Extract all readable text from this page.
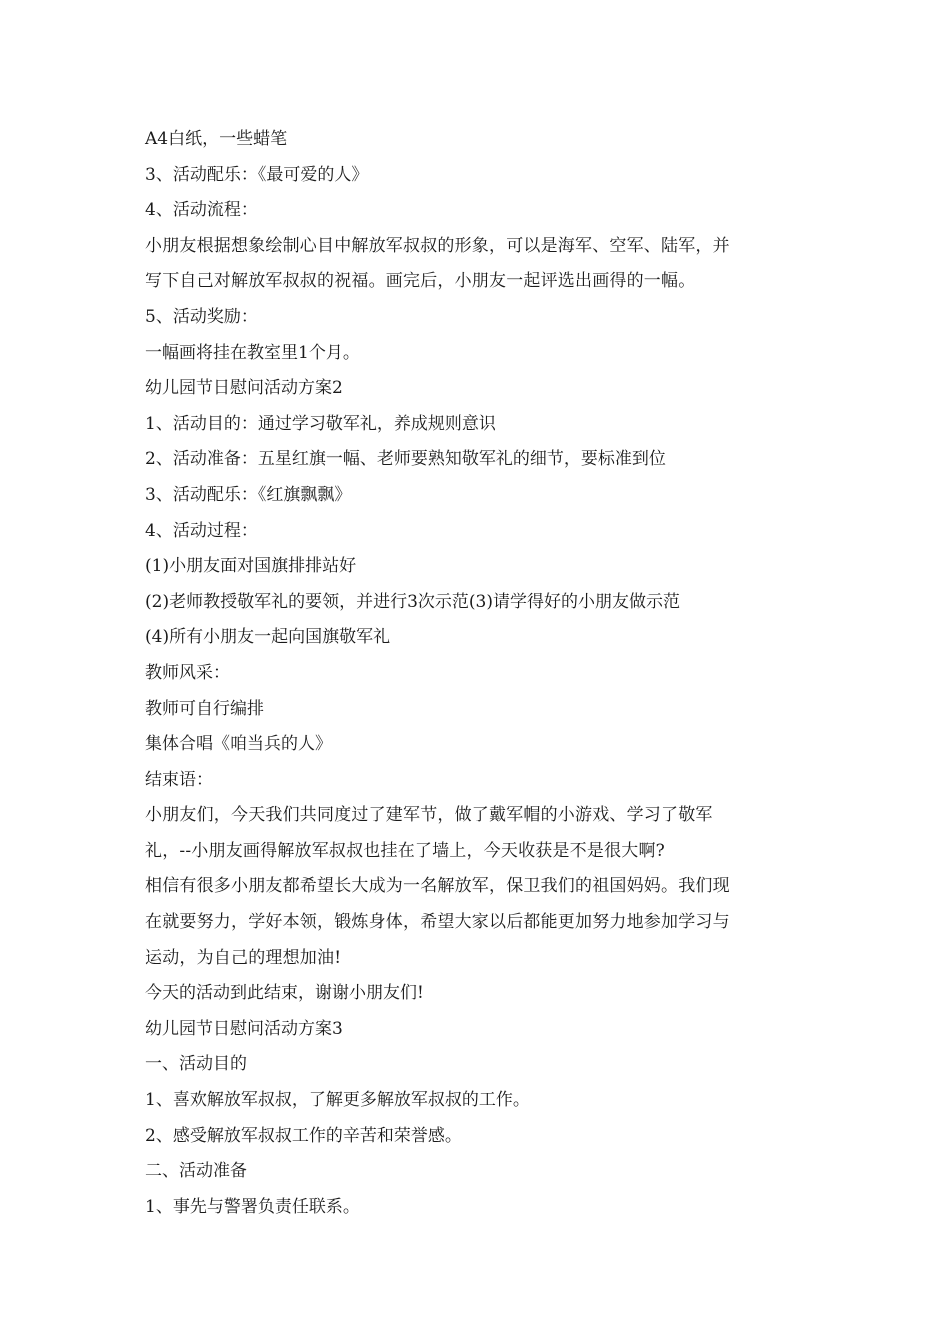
A4白纸，一些蜡笔

3、活动配乐：《最可爱的人》

4、活动流程：

小朋友根据想象绘制心目中解放军叔叔的形象，可以是海军、空军、陆军，并
写下自己对解放军叔叔的祝福。画完后，小朋友一起评选出画得的一幅。

5、活动奖励：

一幅画将挂在教室里1个月。

幼儿园节日慰问活动方案2

1、活动目的：通过学习敬军礼，养成规则意识

2、活动准备：五星红旗一幅、老师要熟知敬军礼的细节，要标准到位

3、活动配乐：《红旗飘飘》

4、活动过程：

(1)小朋友面对国旗排排站好

(2)老师教授敬军礼的要领，并进行3次示范(3)请学得好的小朋友做示范

(4)所有小朋友一起向国旗敬军礼

教师风采：

教师可自行编排

集体合唱《咱当兵的人》

结束语：

小朋友们，今天我们共同度过了建军节，做了戴军帽的小游戏、学习了敬军
礼，--小朋友画得解放军叔叔也挂在了墙上，今天收获是不是很大啊?
相信有很多小朋友都希望长大成为一名解放军，保卫我们的祖国妈妈。我们现
在就要努力，学好本领，锻炼身体，希望大家以后都能更加努力地参加学习与
运动，为自己的理想加油!

今天的活动到此结束，谢谢小朋友们!

幼儿园节日慰问活动方案3

一、活动目的

1、喜欢解放军叔叔，了解更多解放军叔叔的工作。

2、感受解放军叔叔工作的辛苦和荣誉感。

二、活动准备

1、事先与警署负责任联系。
